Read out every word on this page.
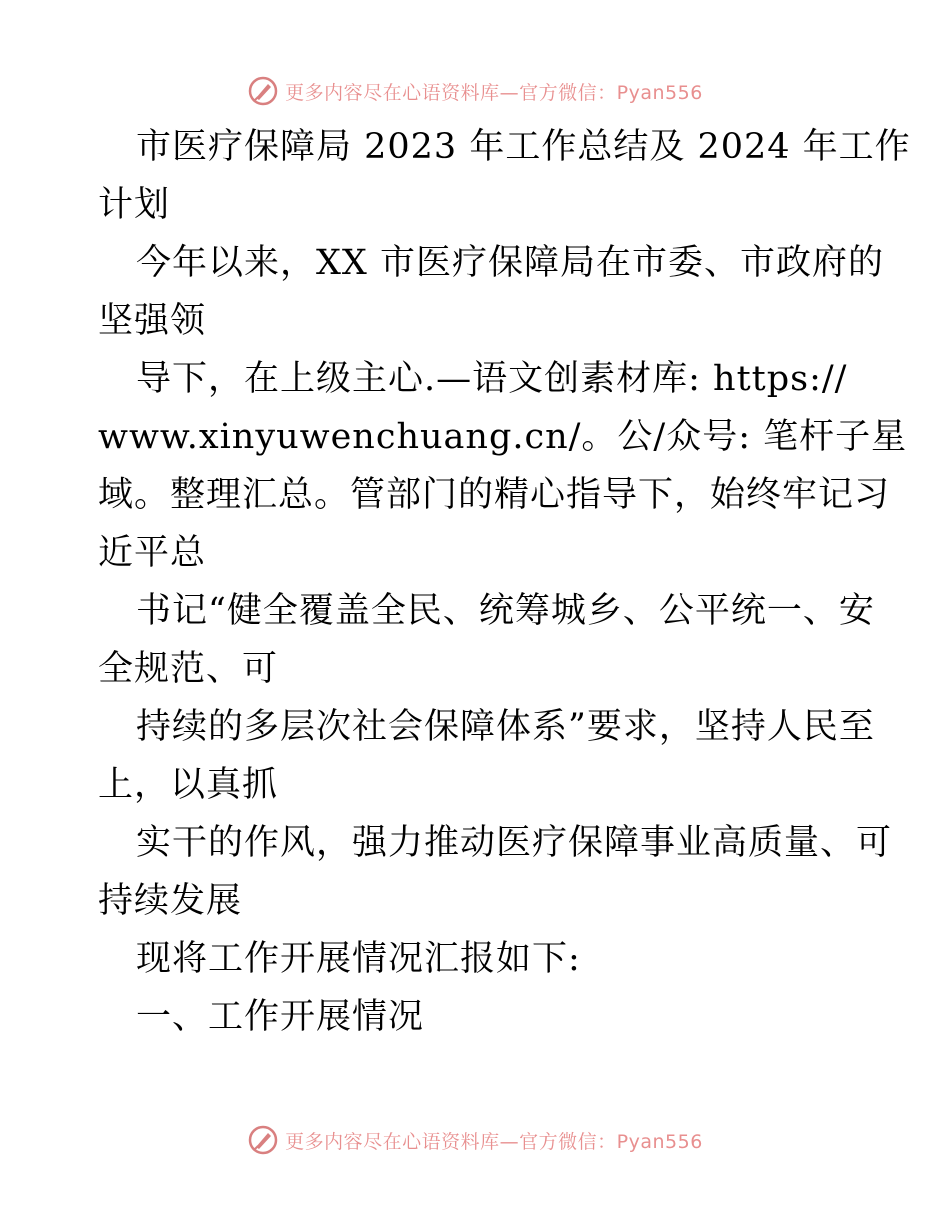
更多内容尽在心语资料库—官方微信：Pyan556
市医疗保障局 2023 年工作总结及 2024 年工作
计划
今年以来，XX 市医疗保障局在市委、市政府的
坚强领
导下，在上级主心.—语文创素材库: https://
www.xinyuwenchuang.cn/。公/众号: 笔杆子星
域。整理汇总。管部门的精心指导下，始终牢记习
近平总
书记“健全覆盖全民、统筹城乡、公平统一、安
全规范、可
持续的多层次社会保障体系”要求，坚持人民至
上，以真抓
实干的作风，强力推动医疗保障事业高质量、可
持续发展
现将工作开展情况汇报如下:
一、工作开展情况
更多内容尽在心语资料库—官方微信：Pyan556
